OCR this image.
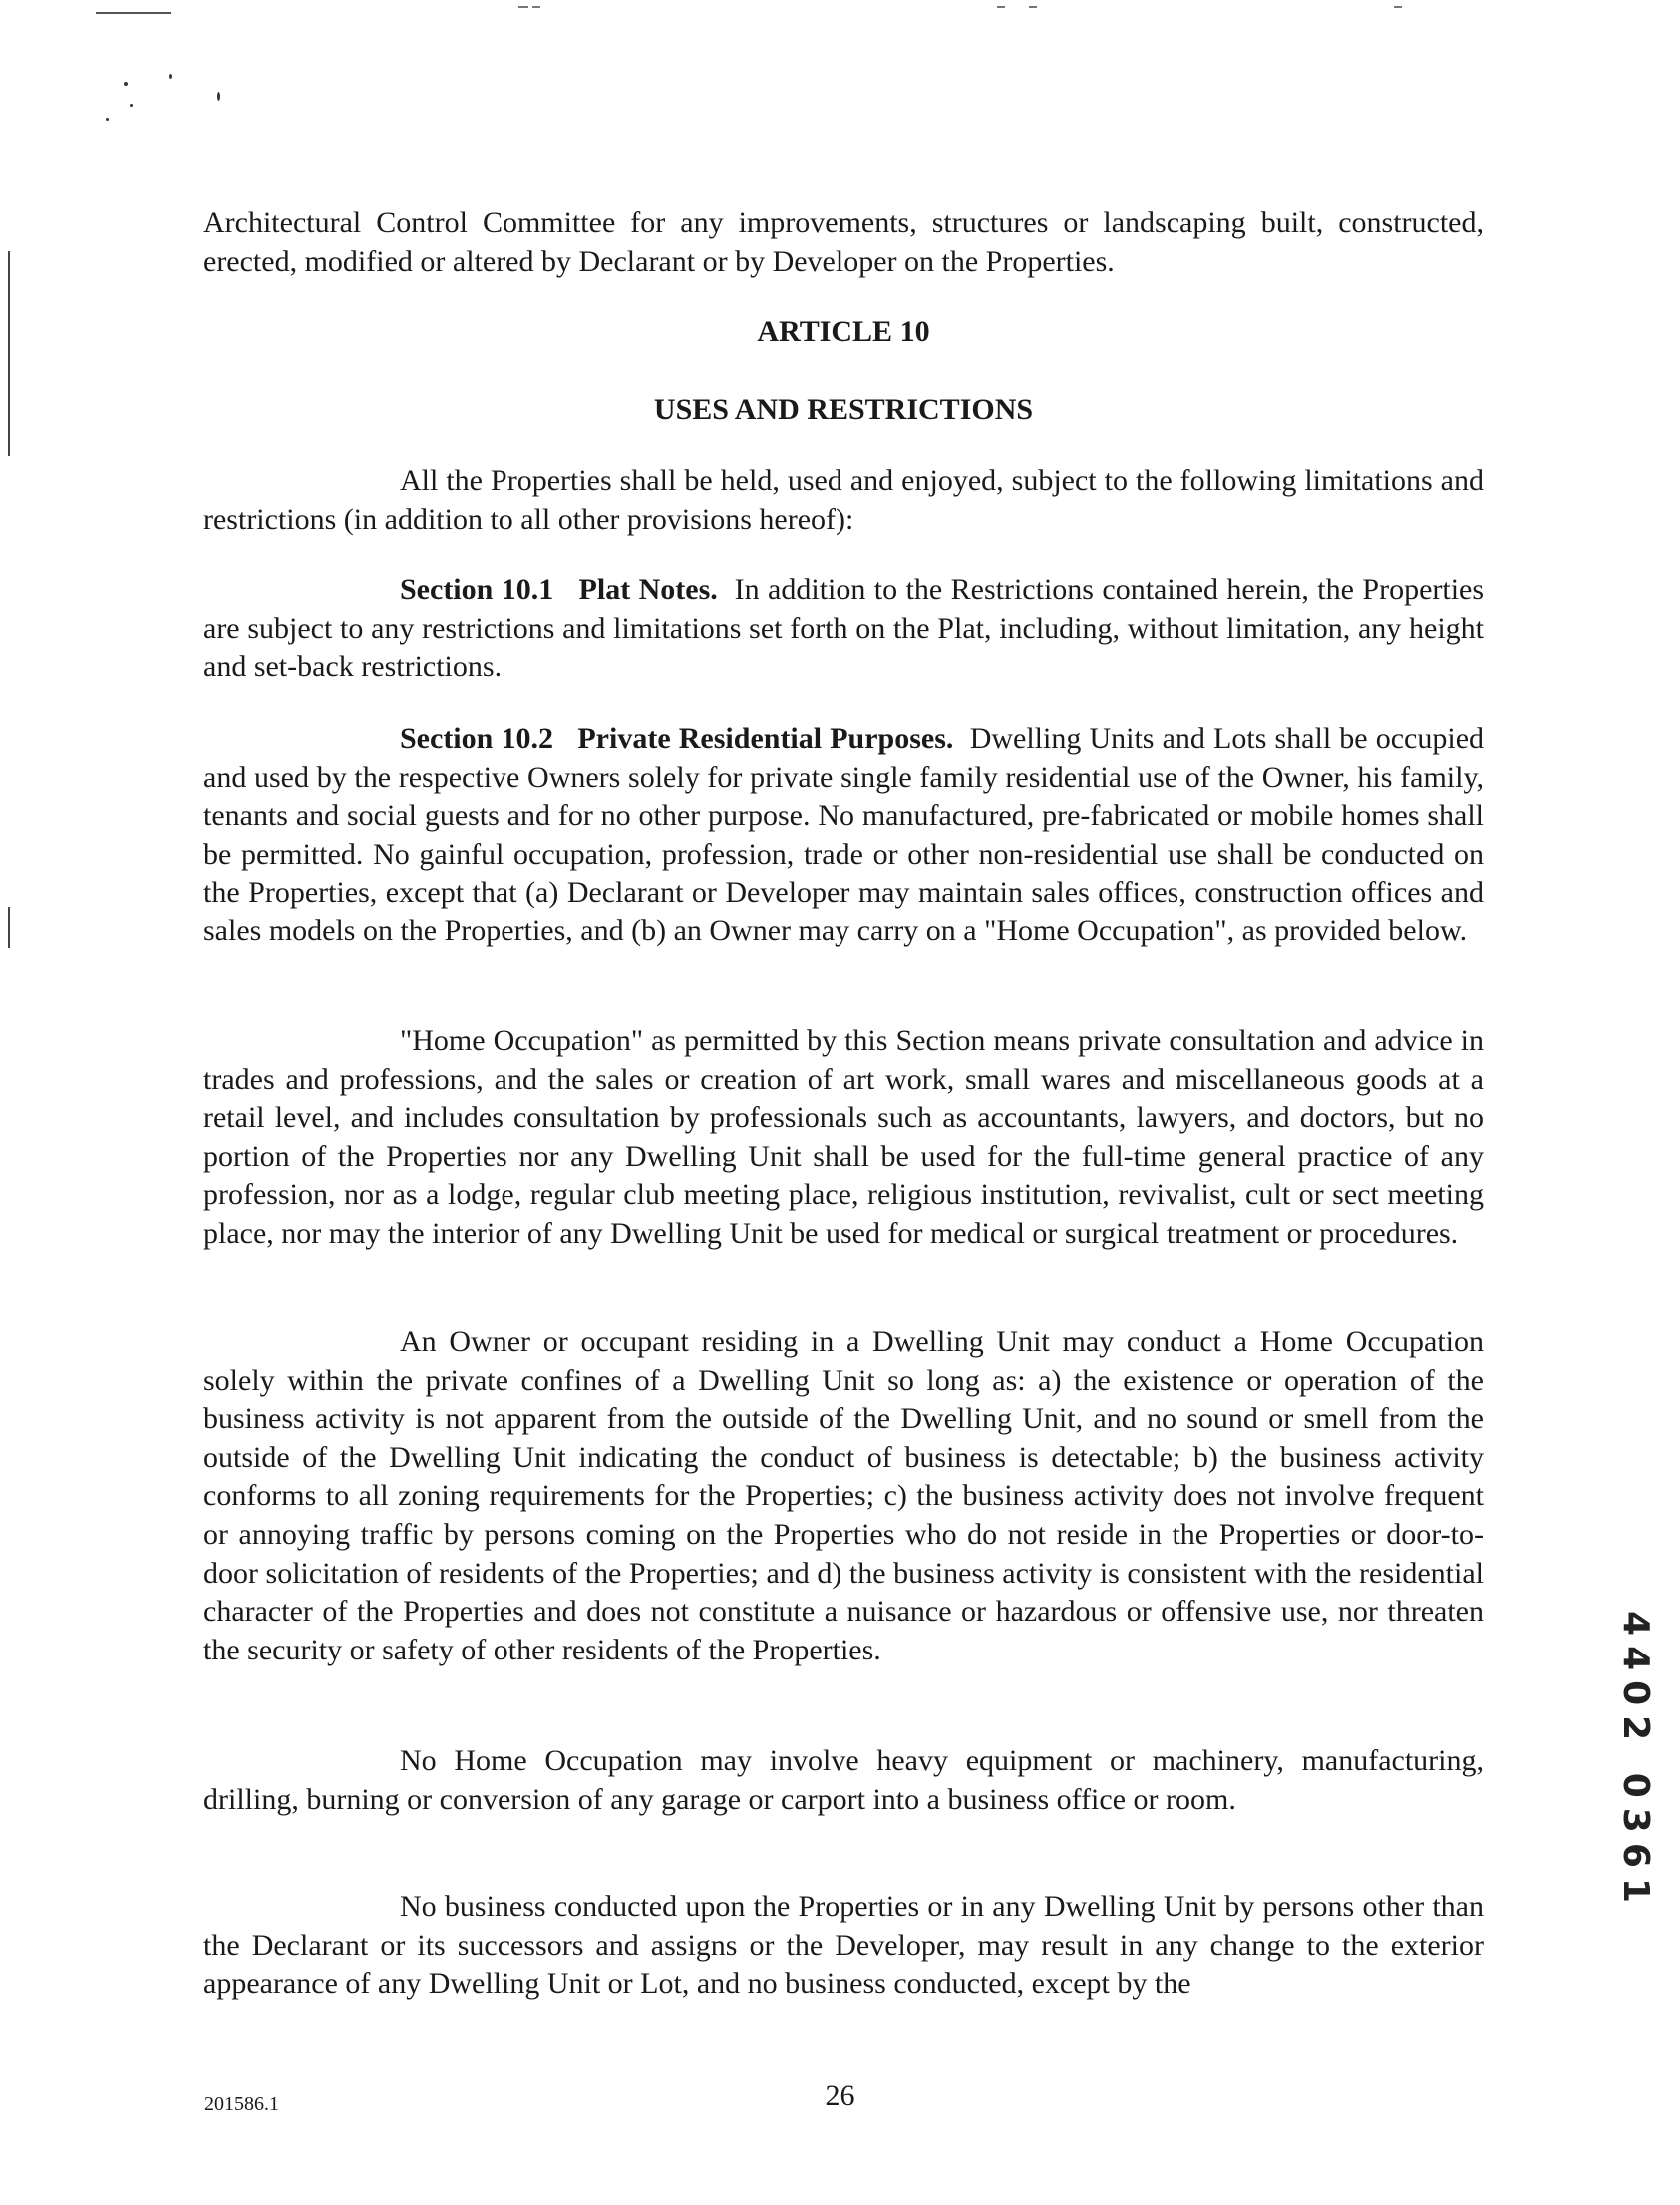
Architectural Control Committee for any improvements, structures or landscaping built, constructed, erected, modified or altered by Declarant or by Developer on the Properties.

ARTICLE 10
USES AND RESTRICTIONS

All the Properties shall be held, used and enjoyed, subject to the following limitations and restrictions (in addition to all other provisions hereof):

Section 10.1 Plat Notes. In addition to the Restrictions contained herein, the Properties are subject to any restrictions and limitations set forth on the Plat, including, without limitation, any height and set-back restrictions.

Section 10.2 Private Residential Purposes. Dwelling Units and Lots shall be occupied and used by the respective Owners solely for private single family residential use of the Owner, his family, tenants and social guests and for no other purpose. No manufactured, pre-fabricated or mobile homes shall be permitted. No gainful occupation, profession, trade or other non-residential use shall be conducted on the Properties, except that (a) Declarant or Developer may maintain sales offices, construction offices and sales models on the Properties, and (b) an Owner may carry on a "Home Occupation", as provided below.

"Home Occupation" as permitted by this Section means private consultation and advice in trades and professions, and the sales or creation of art work, small wares and miscellaneous goods at a retail level, and includes consultation by professionals such as accountants, lawyers, and doctors, but no portion of the Properties nor any Dwelling Unit shall be used for the full-time general practice of any profession, nor as a lodge, regular club meeting place, religious institution, revivalist, cult or sect meeting place, nor may the interior of any Dwelling Unit be used for medical or surgical treatment or procedures.

An Owner or occupant residing in a Dwelling Unit may conduct a Home Occupation solely within the private confines of a Dwelling Unit so long as: a) the existence or operation of the business activity is not apparent from the outside of the Dwelling Unit, and no sound or smell from the outside of the Dwelling Unit indicating the conduct of business is detectable; b) the business activity conforms to all zoning requirements for the Properties; c) the business activity does not involve frequent or annoying traffic by persons coming on the Properties who do not reside in the Properties or door-to-door solicitation of residents of the Properties; and d) the business activity is consistent with the residential character of the Properties and does not constitute a nuisance or hazardous or offensive use, nor threaten the security or safety of other residents of the Properties.

No Home Occupation may involve heavy equipment or machinery, manufacturing, drilling, burning or conversion of any garage or carport into a business office or room.

No business conducted upon the Properties or in any Dwelling Unit by persons other than the Declarant or its successors and assigns or the Developer, may result in any change to the exterior appearance of any Dwelling Unit or Lot, and no business conducted, except by the

201586.1	26
4402 0361
